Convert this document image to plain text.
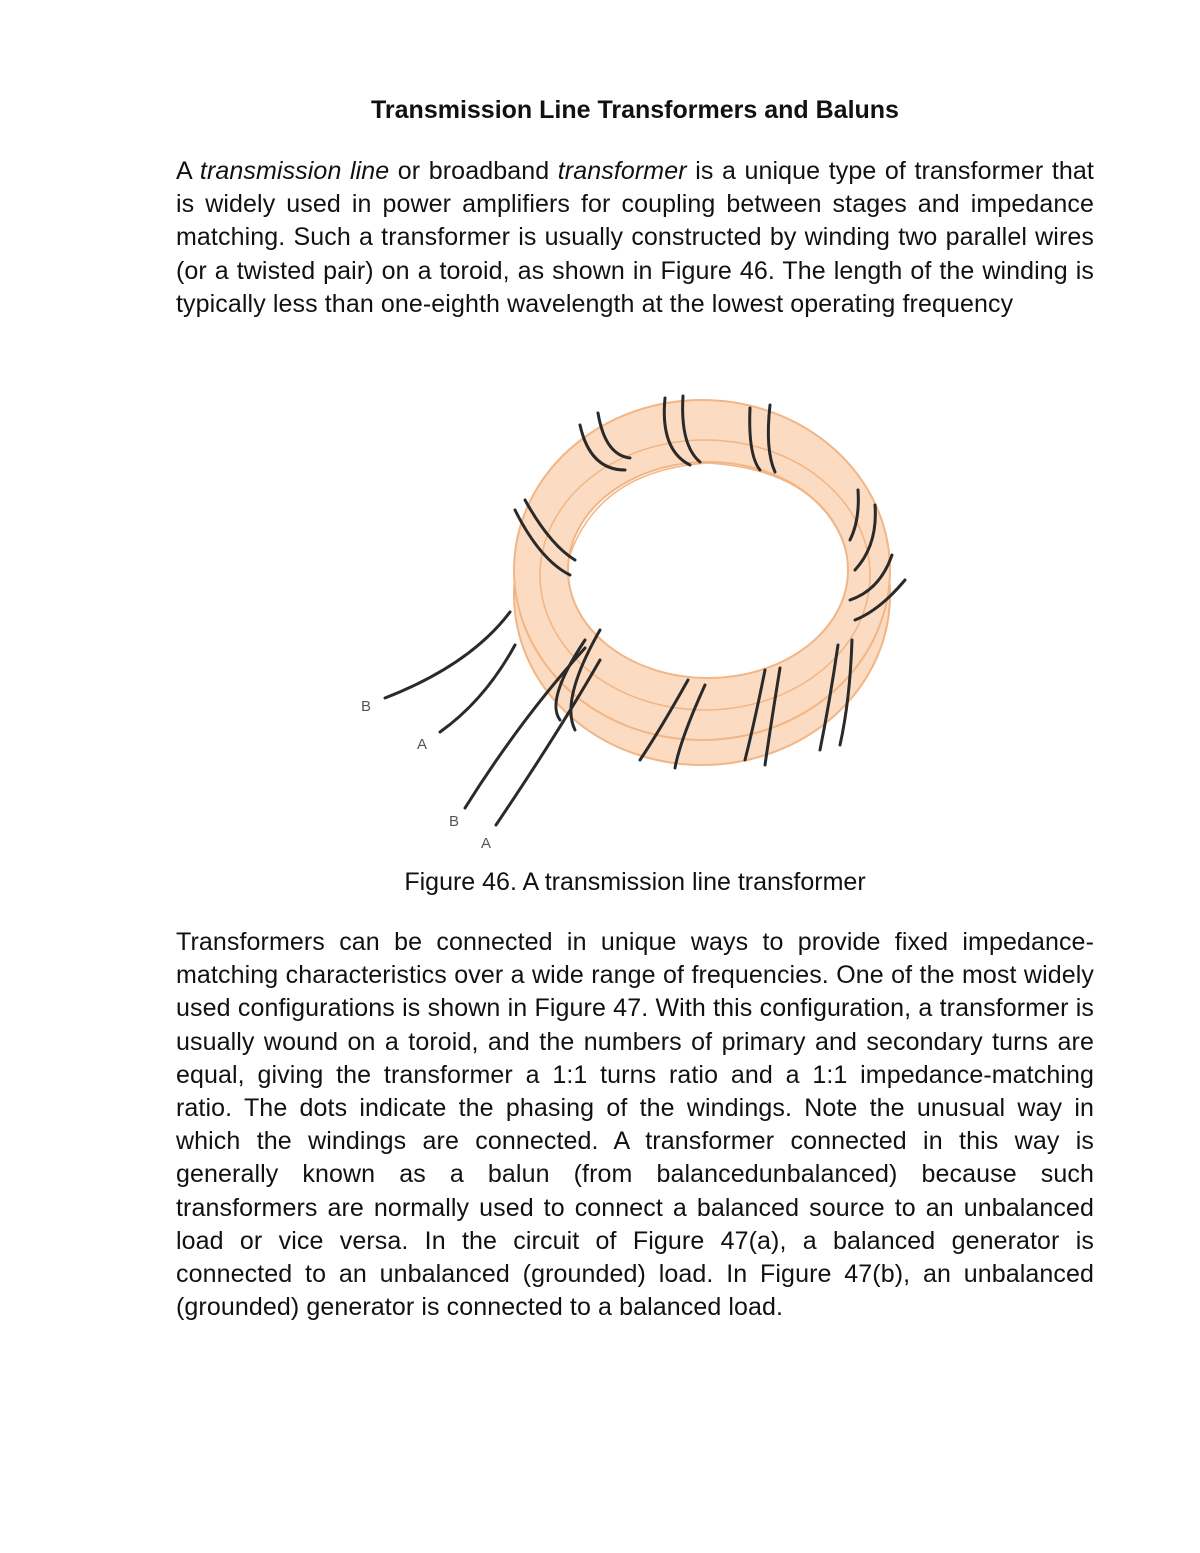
Transmission Line Transformers and Baluns

A transmission line or broadband transformer is a unique type of transformer that is widely used in power amplifiers for coupling between stages and impedance matching. Such a transformer is usually constructed by winding two parallel wires (or a twisted pair) on a toroid, as shown in Figure 46. The length of the winding is typically less than one-eighth wavelength at the lowest operating frequency

B
A
B
A

Figure 46. A transmission line transformer

Transformers can be connected in unique ways to provide fixed impedance-matching characteristics over a wide range of frequencies. One of the most widely used configurations is shown in Figure 47. With this configuration, a transformer is usually wound on a toroid, and the numbers of primary and secondary turns are equal, giving the transformer a 1:1 turns ratio and a 1:1 impedance-matching ratio. The dots indicate the phasing of the windings. Note the unusual way in which the windings are connected. A transformer connected in this way is generally known as a balun (from balancedunbalanced) because such transformers are normally used to connect a balanced source to an unbalanced load or vice versa. In the circuit of Figure 47(a), a balanced generator is connected to an unbalanced (grounded) load. In Figure 47(b), an unbalanced (grounded) generator is connected to a balanced load.
